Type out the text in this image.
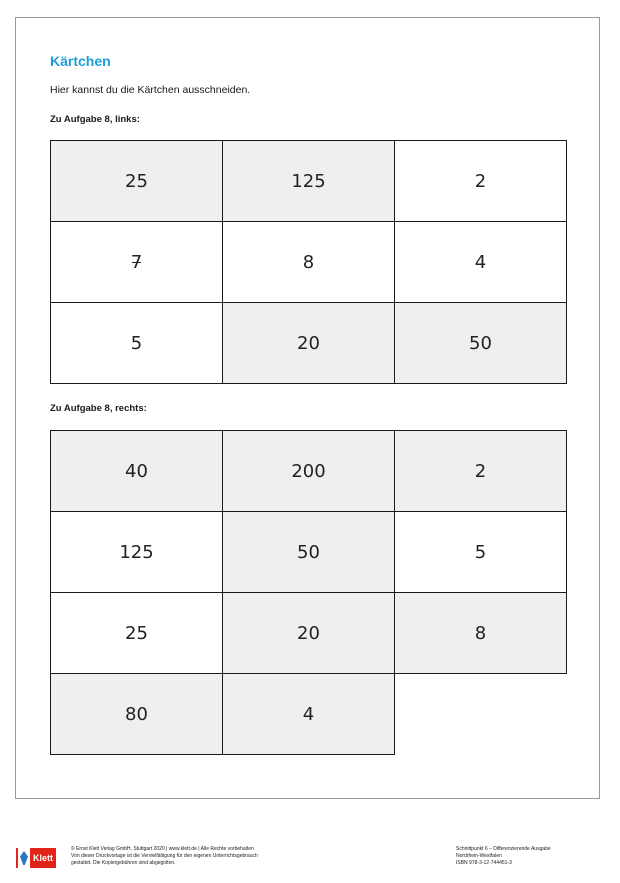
Kärtchen

Hier kannst du die Kärtchen ausschneiden.

Zu Aufgabe 8, links:

25	125	2
7	8	4
5	20	50

Zu Aufgabe 8, rechts:

40	200	2
125	50	5
25	20	8
80	4
Klett

© Ernst Klett Verlag GmbH, Stuttgart 2020 | www.klett.de | Alle Rechte vorbehalten

Von dieser Druckvorlage ist die Vervielfältigung für den eigenen Unterrichtsgebrauch

gestattet. Die Kopiergebühren sind abgegolten.

Schnittpunkt 6 – Differenzierende Ausgabe

Nordrhein-Westfalen

ISBN 978-3-12-744451-3
